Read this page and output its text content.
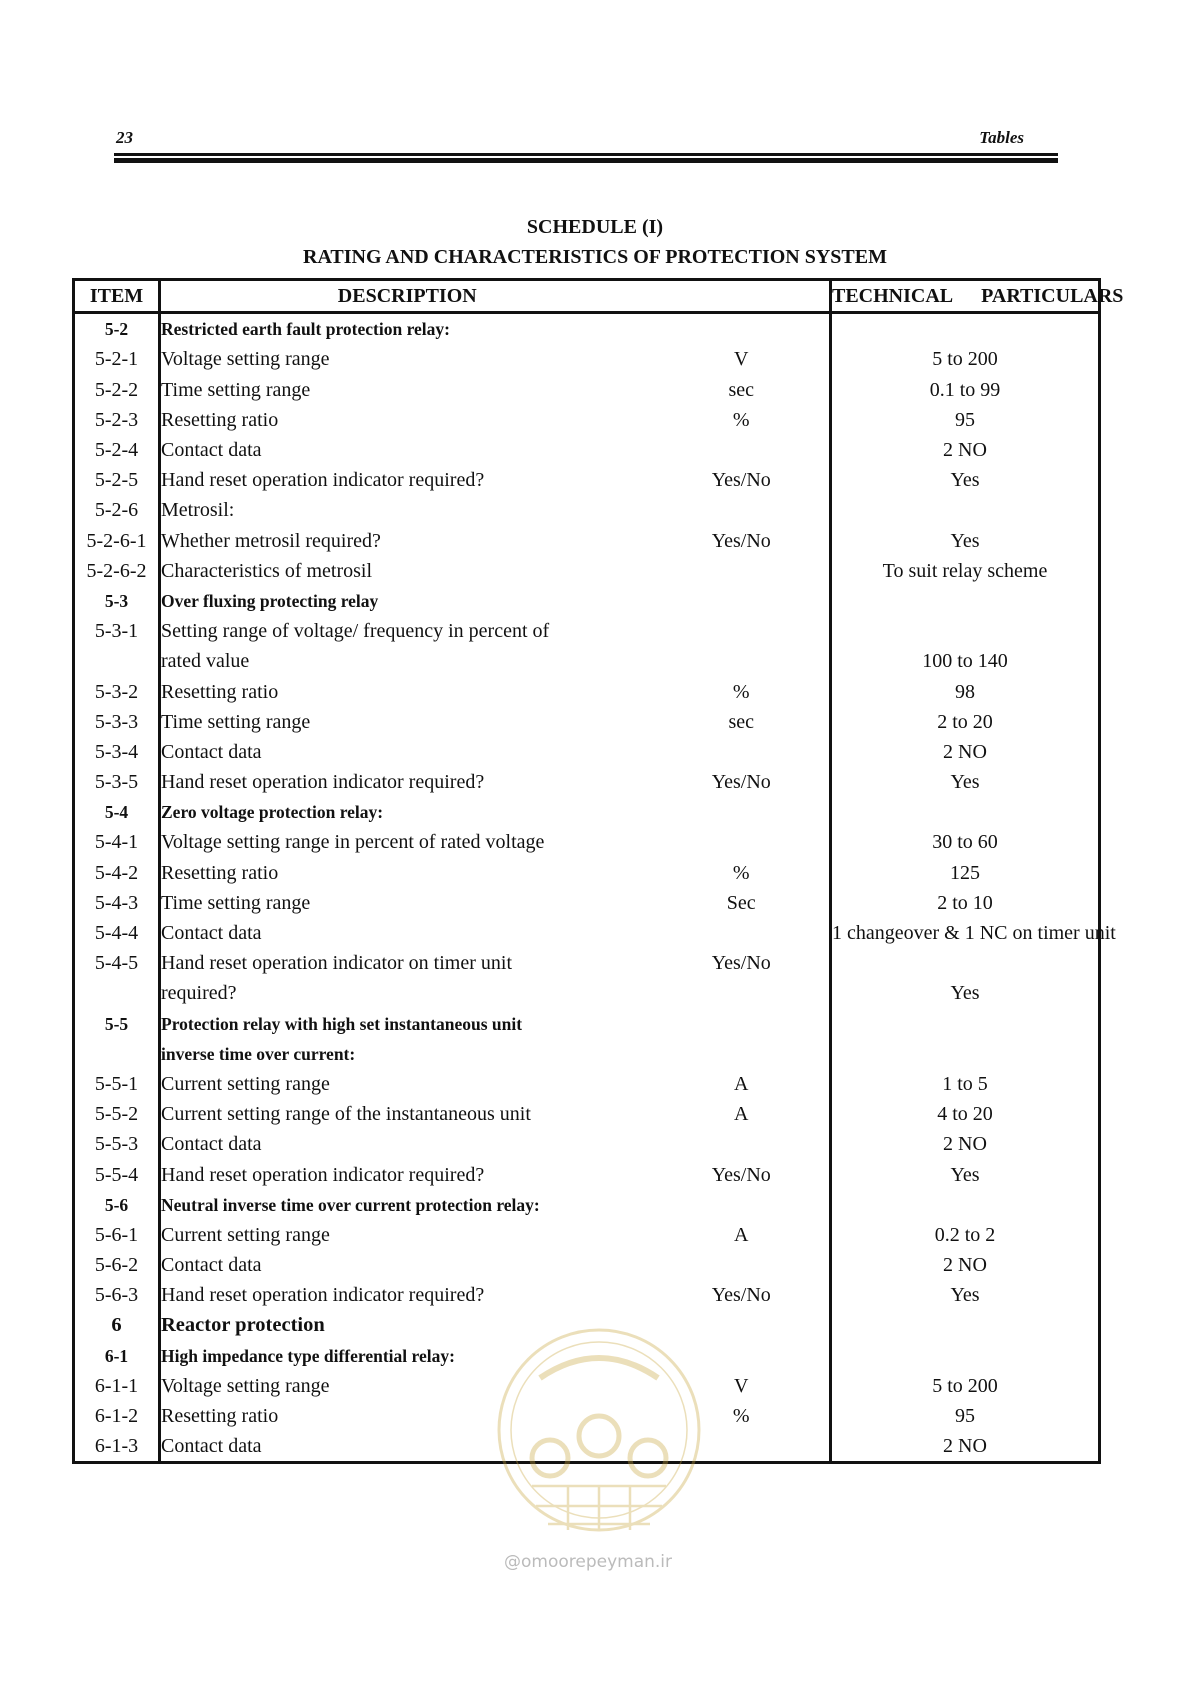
23	Tables
SCHEDULE (I)
RATING AND CHARACTERISTICS OF PROTECTION SYSTEM
ITEM	DESCRIPTION		TECHNICAL PARTICULARS
5-2	Restricted earth fault protection relay:		
5-2-1	Voltage setting range	V	5 to 200
5-2-2	Time setting range	sec	0.1 to 99
5-2-3	Resetting ratio	%	95
5-2-4	Contact data		2 NO
5-2-5	Hand reset operation indicator required?	Yes/No	Yes
5-2-6	Metrosil:		
5-2-6-1	Whether metrosil required?	Yes/No	Yes
5-2-6-2	Characteristics of metrosil		To suit relay scheme
5-3	Over fluxing protecting relay		
5-3-1	Setting range of voltage/ frequency in percent of		
	rated value		100 to 140
5-3-2	Resetting ratio	%	98
5-3-3	Time setting range	sec	2 to 20
5-3-4	Contact data		2 NO
5-3-5	Hand reset operation indicator required?	Yes/No	Yes
5-4	Zero voltage protection relay:		
5-4-1	Voltage setting range in percent of rated voltage		30 to 60
5-4-2	Resetting ratio	%	125
5-4-3	Time setting range	Sec	2 to 10
5-4-4	Contact data		1 changeover & 1 NC on timer unit
5-4-5	Hand reset operation indicator on timer unit	Yes/No	
	required?		Yes
5-5	Protection relay with high set instantaneous unit		
	inverse time over current:		
5-5-1	Current setting range	A	1 to 5
5-5-2	Current setting range of the instantaneous unit	A	4 to 20
5-5-3	Contact data		2 NO
5-5-4	Hand reset operation indicator required?	Yes/No	Yes
5-6	Neutral inverse time over current protection relay:		
5-6-1	Current setting range	A	0.2 to 2
5-6-2	Contact data		2 NO
5-6-3	Hand reset operation indicator required?	Yes/No	Yes
6	Reactor protection		
6-1	High impedance type differential relay:		
6-1-1	Voltage setting range	V	5 to 200
6-1-2	Resetting ratio	%	95
6-1-3	Contact data		2 NO
@omoorepeyman.ir
